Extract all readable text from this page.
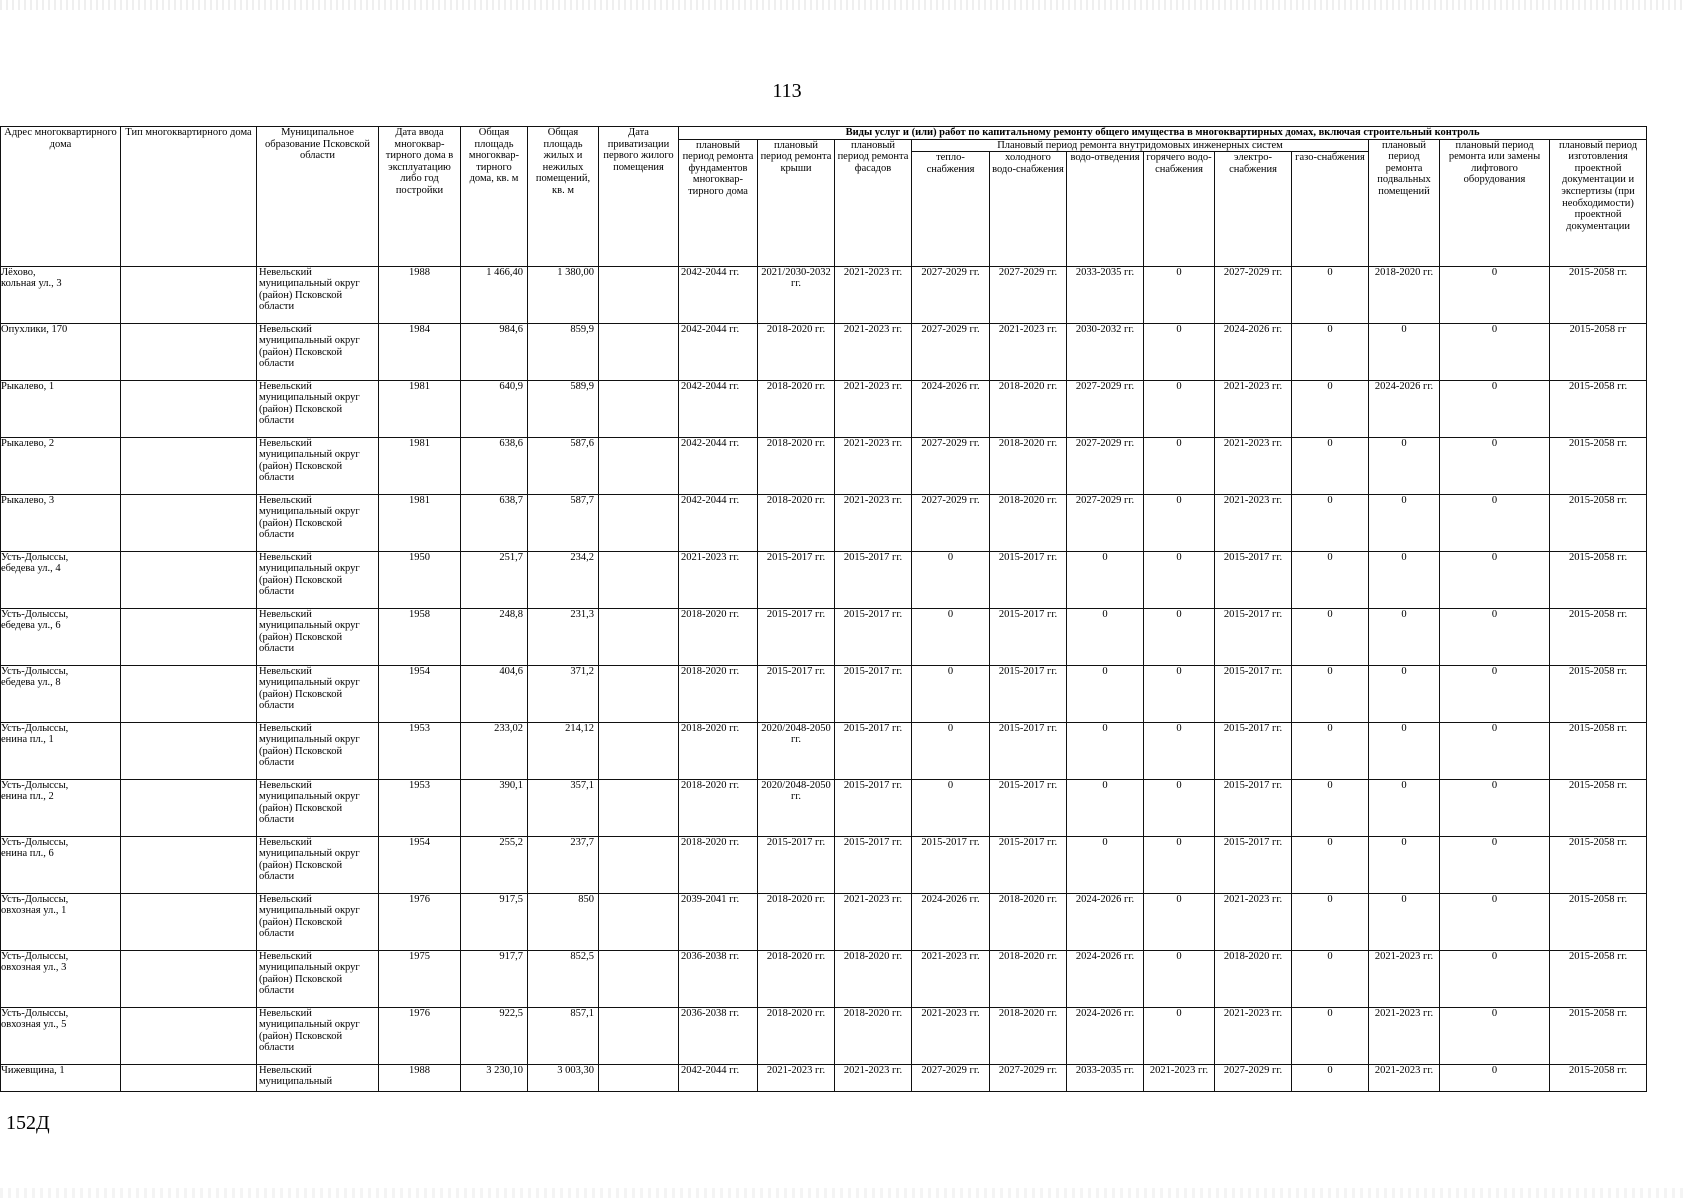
113
Адрес многоквартирного дома	Тип многоквартирного дома	Муниципальное образование Псковской области	Дата ввода многоквар-тирного дома в эксплуатацию либо год постройки	Общая площадь многоквар-тирного дома, кв. м	Общая площадь жилых и нежилых помещений, кв. м	Дата приватизации первого жилого помещения	Виды услуг и (или) работ по капитальному ремонту общего имущества в многоквартирных домах, включая строительный контроль											
							плановый период ремонта фундаментов многоквар-тирного дома	плановый период ремонта крыши	плановый период ремонта фасадов	Плановый период ремонта внутридомовых инженерных систем						плановый период ремонта подвальных помещений	плановый период ремонта или замены лифтового оборудования	плановый период изготовления проектной документации и экспертизы (при необходимости) проектной документации
										тепло-снабжения	холодного водо-снабжения	водо-отведения	горячего водо-снабжения	электро-снабжения	газо-снабжения			

Лёхово,
кольная ул., 3		Невельский муниципальный округ (район) Псковской области	1988	1 466,40	1 380,00		2042-2044 гг.	2021/2030-2032 гг.	2021-2023 гг.	2027-2029 гг.	2027-2029 гг.	2033-2035 гг.	0	2027-2029 гг.	0	2018-2020 гг.	0	2015-2058 гг.

Опухлики, 170		Невельский муниципальный округ (район) Псковской области	1984	984,6	859,9		2042-2044 гг.	2018-2020 гг.	2021-2023 гг.	2027-2029 гг.	2021-2023 гг.	2030-2032 гг.	0	2024-2026 гг.	0	0	0	2015-2058 гг

Рыкалево, 1		Невельский муниципальный округ (район) Псковской области	1981	640,9	589,9		2042-2044 гг.	2018-2020 гг.	2021-2023 гг.	2024-2026 гг.	2018-2020 гг.	2027-2029 гг.	0	2021-2023 гг.	0	2024-2026 гг.	0	2015-2058 гг.

Рыкалево, 2		Невельский муниципальный округ (район) Псковской области	1981	638,6	587,6		2042-2044 гг.	2018-2020 гг.	2021-2023 гг.	2027-2029 гг.	2018-2020 гг.	2027-2029 гг.	0	2021-2023 гг.	0	0	0	2015-2058 гг.

Рыкалево, 3		Невельский муниципальный округ (район) Псковской области	1981	638,7	587,7		2042-2044 гг.	2018-2020 гг.	2021-2023 гг.	2027-2029 гг.	2018-2020 гг.	2027-2029 гг.	0	2021-2023 гг.	0	0	0	2015-2058 гг.

Усть-Долыссы,
ебедева ул., 4		Невельский муниципальный округ (район) Псковской области	1950	251,7	234,2		2021-2023 гг.	2015-2017 гг.	2015-2017 гг.	0	2015-2017 гг.	0	0	2015-2017 гг.	0	0	0	2015-2058 гг.

Усть-Долыссы,
ебедева ул., 6		Невельский муниципальный округ (район) Псковской области	1958	248,8	231,3		2018-2020 гг.	2015-2017 гг.	2015-2017 гг.	0	2015-2017 гг.	0	0	2015-2017 гг.	0	0	0	2015-2058 гг.

Усть-Долыссы,
ебедева ул., 8		Невельский муниципальный округ (район) Псковской области	1954	404,6	371,2		2018-2020 гг.	2015-2017 гг.	2015-2017 гг.	0	2015-2017 гг.	0	0	2015-2017 гг.	0	0	0	2015-2058 гг.

Усть-Долыссы,
енина пл., 1		Невельский муниципальный округ (район) Псковской области	1953	233,02	214,12		2018-2020 гг.	2020/2048-2050 гг.	2015-2017 гг.	0	2015-2017 гг.	0	0	2015-2017 гг.	0	0	0	2015-2058 гг.

Усть-Долыссы,
енина пл., 2		Невельский муниципальный округ (район) Псковской области	1953	390,1	357,1		2018-2020 гг.	2020/2048-2050 гг.	2015-2017 гг.	0	2015-2017 гг.	0	0	2015-2017 гг.	0	0	0	2015-2058 гг.

Усть-Долыссы,
енина пл., 6		Невельский муниципальный округ (район) Псковской области	1954	255,2	237,7		2018-2020 гг.	2015-2017 гг.	2015-2017 гг.	2015-2017 гг.	2015-2017 гг.	0	0	2015-2017 гг.	0	0	0	2015-2058 гг.

Усть-Долыссы,
овхозная ул., 1		Невельский муниципальный округ (район) Псковской области	1976	917,5	850		2039-2041 гг.	2018-2020 гг.	2021-2023 гг.	2024-2026 гг.	2018-2020 гг.	2024-2026 гг.	0	2021-2023 гг.	0	0	0	2015-2058 гг.

Усть-Долыссы,
овхозная ул., 3		Невельский муниципальный округ (район) Псковской области	1975	917,7	852,5		2036-2038 гг.	2018-2020 гг.	2018-2020 гг.	2021-2023 гг.	2018-2020 гг.	2024-2026 гг.	0	2018-2020 гг.	0	2021-2023 гг.	0	2015-2058 гг.

Усть-Долыссы,
овхозная ул., 5		Невельский муниципальный округ (район) Псковской области	1976	922,5	857,1		2036-2038 гг.	2018-2020 гг.	2018-2020 гг.	2021-2023 гг.	2018-2020 гг.	2024-2026 гг.	0	2021-2023 гг.	0	2021-2023 гг.	0	2015-2058 гг.

Чижевщина, 1		Невельский муниципальный	1988	3 230,10	3 003,30		2042-2044 гг.	2021-2023 гг.	2021-2023 гг.	2027-2029 гг.	2027-2029 гг.	2033-2035 гг.	2021-2023 гг.	2027-2029 гг.	0	2021-2023 гг.	0	2015-2058 гг.
152Д
